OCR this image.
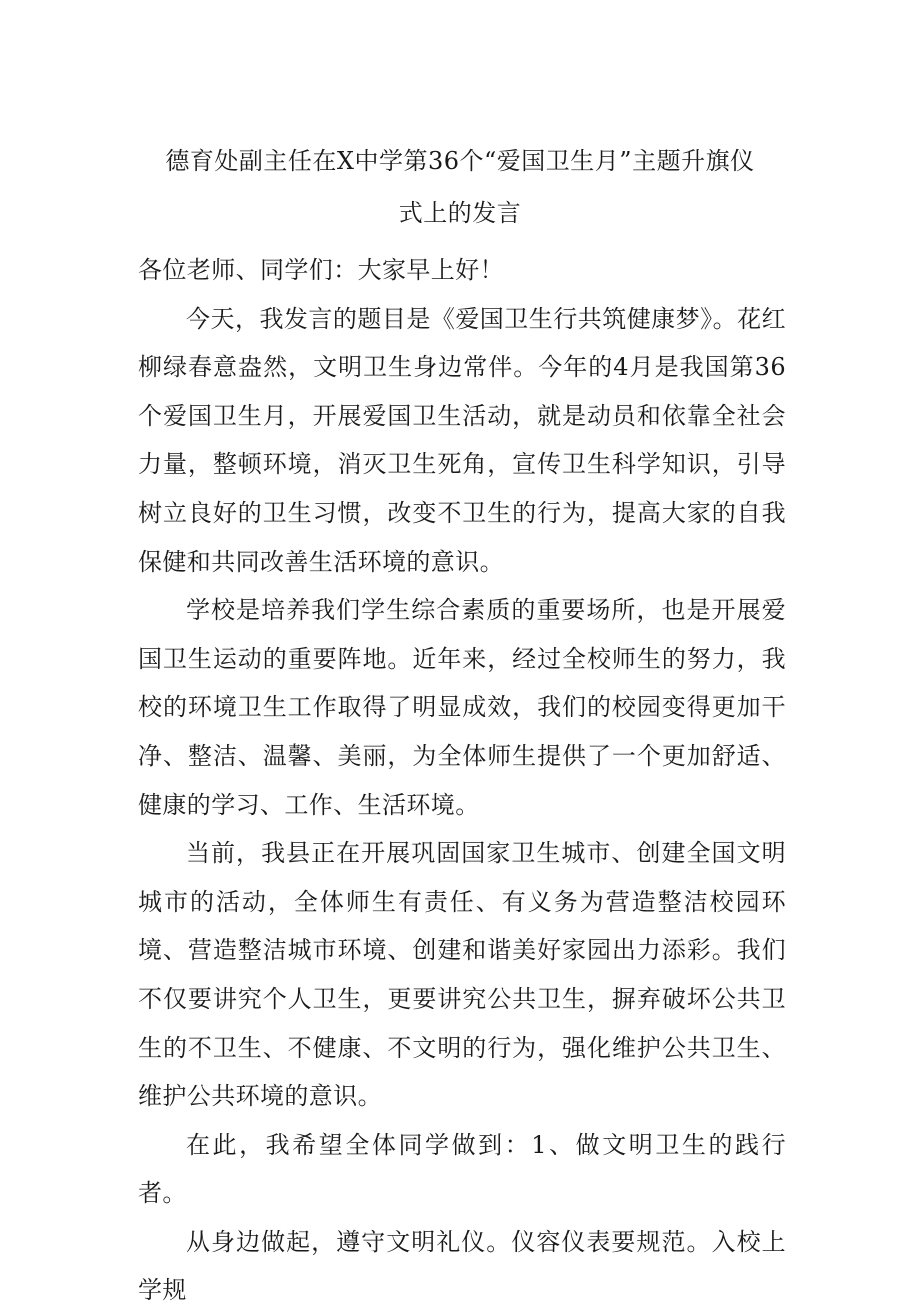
德育处副主任在X中学第36个“爱国卫生月”主题升旗仪
式上的发言

各位老师、同学们：大家早上好！

今天，我发言的题目是《爱国卫生行共筑健康梦》。花红柳绿春意盎然，文明卫生身边常伴。今年的4月是我国第36个爱国卫生月，开展爱国卫生活动，就是动员和依靠全社会力量，整顿环境，消灭卫生死角，宣传卫生科学知识，引导树立良好的卫生习惯，改变不卫生的行为，提高大家的自我保健和共同改善生活环境的意识。

学校是培养我们学生综合素质的重要场所，也是开展爱国卫生运动的重要阵地。近年来，经过全校师生的努力，我校的环境卫生工作取得了明显成效，我们的校园变得更加干净、整洁、温馨、美丽，为全体师生提供了一个更加舒适、健康的学习、工作、生活环境。

当前，我县正在开展巩固国家卫生城市、创建全国文明城市的活动，全体师生有责任、有义务为营造整洁校园环境、营造整洁城市环境、创建和谐美好家园出力添彩。我们不仅要讲究个人卫生，更要讲究公共卫生，摒弃破坏公共卫生的不卫生、不健康、不文明的行为，强化维护公共卫生、维护公共环境的意识。

在此，我希望全体同学做到：1、做文明卫生的践行者。

从身边做起，遵守文明礼仪。仪容仪表要规范。入校上学规
